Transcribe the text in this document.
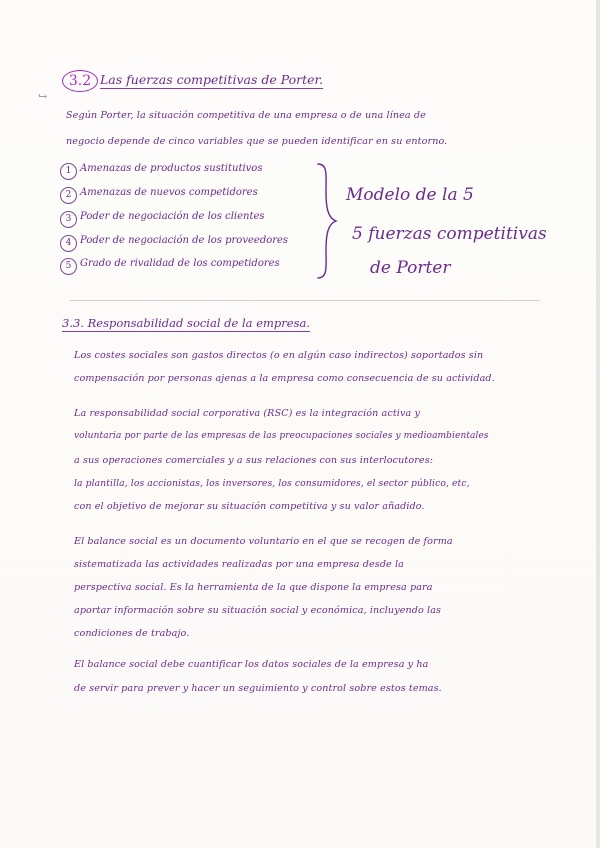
3.2 Las fuerzas competitivas de Porter.
↪
Según Porter, la situación competitiva de una empresa o de una línea de
negocio depende de cinco variables que se pueden identificar en su entorno.
1 Amenazas de productos sustitutivos
2 Amenazas de nuevos competidores
3 Poder de negociación de los clientes
4 Poder de negociación de los proveedores
5 Grado de rivalidad de los competidores
Modelo de la 5
5 fuerzas competitivas
de Porter
3.3. Responsabilidad social de la empresa.
Los costes sociales son gastos directos (o en algún caso indirectos) soportados sin
compensación por personas ajenas a la empresa como consecuencia de su actividad.
La responsabilidad social corporativa (RSC) es la integración activa y
voluntaria por parte de las empresas de las preocupaciones sociales y medioambientales
a sus operaciones comerciales y a sus relaciones con sus interlocutores:
la plantilla, los accionistas, los inversores, los consumidores, el sector público, etc,
con el objetivo de mejorar su situación competitiva y su valor añadido.
El balance social es un documento voluntario en el que se recogen de forma
sistematizada las actividades realizadas por una empresa desde la
perspectiva social. Es la herramienta de la que dispone la empresa para
aportar información sobre su situación social y económica, incluyendo las
condiciones de trabajo.
El balance social debe cuantificar los datos sociales de la empresa y ha
de servir para prever y hacer un seguimiento y control sobre estos temas.
